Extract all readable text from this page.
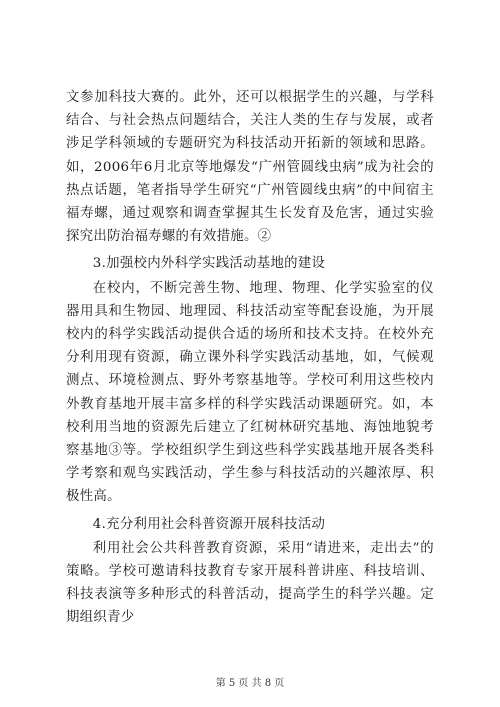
文参加科技大赛的。此外，还可以根据学生的兴趣，与学科结合、与社会热点问题结合，关注人类的生存与发展，或者涉足学科领域的专题研究为科技活动开拓新的领域和思路。如，2006年6月北京等地爆发“广州管圆线虫病”成为社会的热点话题，笔者指导学生研究“广州管圆线虫病”的中间宿主福寿螺，通过观察和调查掌握其生长发育及危害，通过实验探究出防治福寿螺的有效措施。②

3.加强校内外科学实践活动基地的建设

在校内，不断完善生物、地理、物理、化学实验室的仪器用具和生物园、地理园、科技活动室等配套设施，为开展校内的科学实践活动提供合适的场所和技术支持。在校外充分利用现有资源，确立课外科学实践活动基地，如，气候观测点、环境检测点、野外考察基地等。学校可利用这些校内外教育基地开展丰富多样的科学实践活动课题研究。如，本校利用当地的资源先后建立了红树林研究基地、海蚀地貌考察基地③等。学校组织学生到这些科学实践基地开展各类科学考察和观鸟实践活动，学生参与科技活动的兴趣浓厚、积极性高。

4.充分利用社会科普资源开展科技活动

利用社会公共科普教育资源，采用“请进来，走出去”的策略。学校可邀请科技教育专家开展科普讲座、科技培训、科技表演等多种形式的科普活动，提高学生的科学兴趣。定期组织青少

第 5 页 共 8 页
